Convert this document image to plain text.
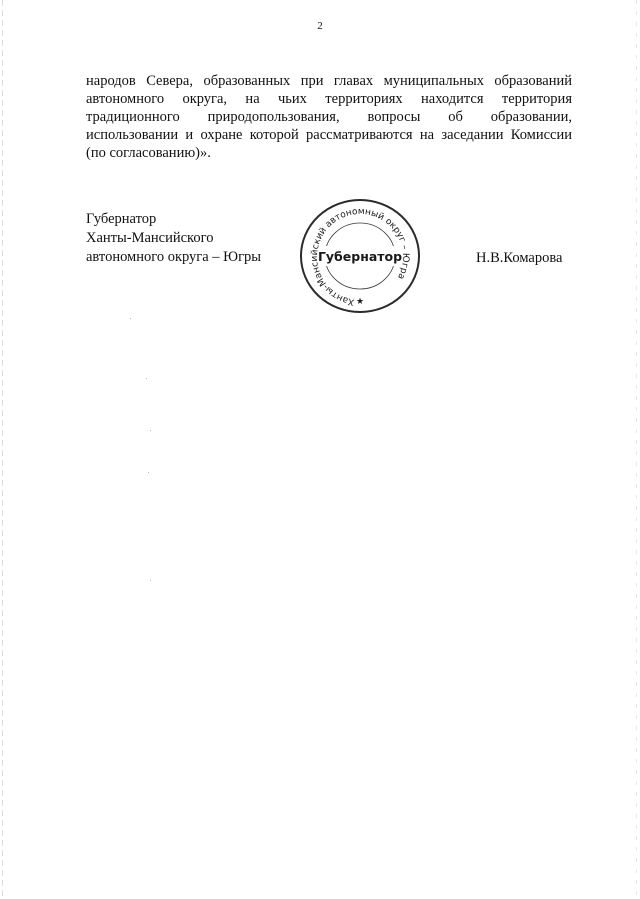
2
народов Севера, образованных при главах муниципальных образований
автономного округа, на чьих территориях находится территория
традиционного природопользования, вопросы об образовании,
использовании и охране которой рассматриваются на заседании Комиссии
(по согласованию)».
Губернатор
Ханты-Мансийского
автономного округа – Югры
Ханты-Мансийский автономный округ – Югра
Губернатор
★
Н.В.Комарова
